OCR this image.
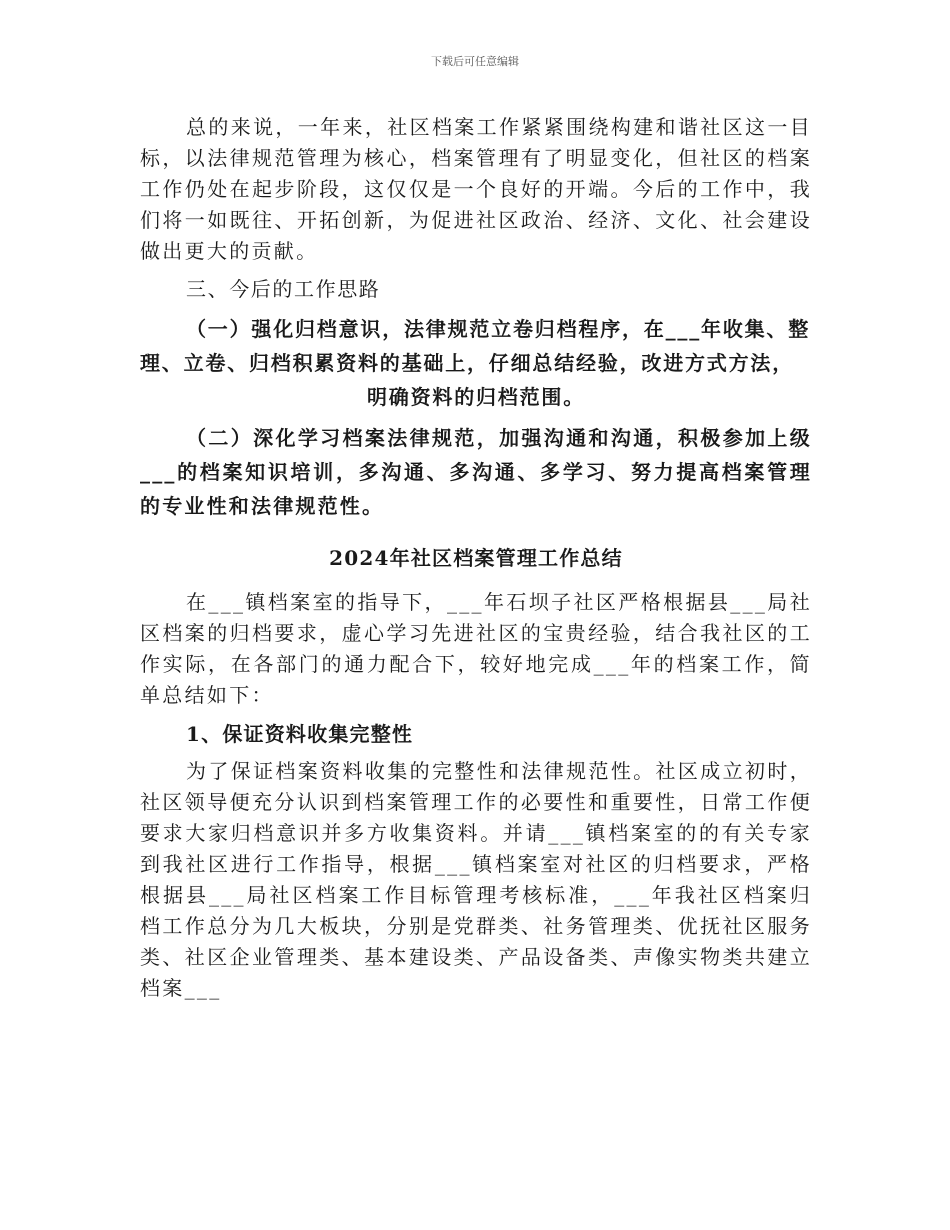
下载后可任意编辑

总的来说，一年来，社区档案工作紧紧围绕构建和谐社区这一目标，以法律规范管理为核心，档案管理有了明显变化，但社区的档案工作仍处在起步阶段，这仅仅是一个良好的开端。今后的工作中，我们将一如既往、开拓创新，为促进社区政治、经济、文化、社会建设做出更大的贡献。

三、今后的工作思路

（一）强化归档意识，法律规范立卷归档程序，在___年收集、整

理、立卷、归档积累资料的基础上，仔细总结经验，改进方式方法，

明确资料的归档范围。

（二）深化学习档案法律规范，加强沟通和沟通，积极参加上级___的档案知识培训，多沟通、多沟通、多学习、努力提高档案管理的专业性和法律规范性。

2024年社区档案管理工作总结

在___镇档案室的指导下，___年石坝子社区严格根据县___局社区档案的归档要求，虚心学习先进社区的宝贵经验，结合我社区的工作实际，在各部门的通力配合下，较好地完成___年的档案工作，简单总结如下：

1、保证资料收集完整性

为了保证档案资料收集的完整性和法律规范性。社区成立初时，社区领导便充分认识到档案管理工作的必要性和重要性，日常工作便要求大家归档意识并多方收集资料。并请___镇档案室的的有关专家到我社区进行工作指导，根据___镇档案室对社区的归档要求，严格根据县___局社区档案工作目标管理考核标准，___年我社区档案归档工作总分为几大板块，分别是党群类、社务管理类、优抚社区服务类、社区企业管理类、基本建设类、产品设备类、声像实物类共建立档案___
